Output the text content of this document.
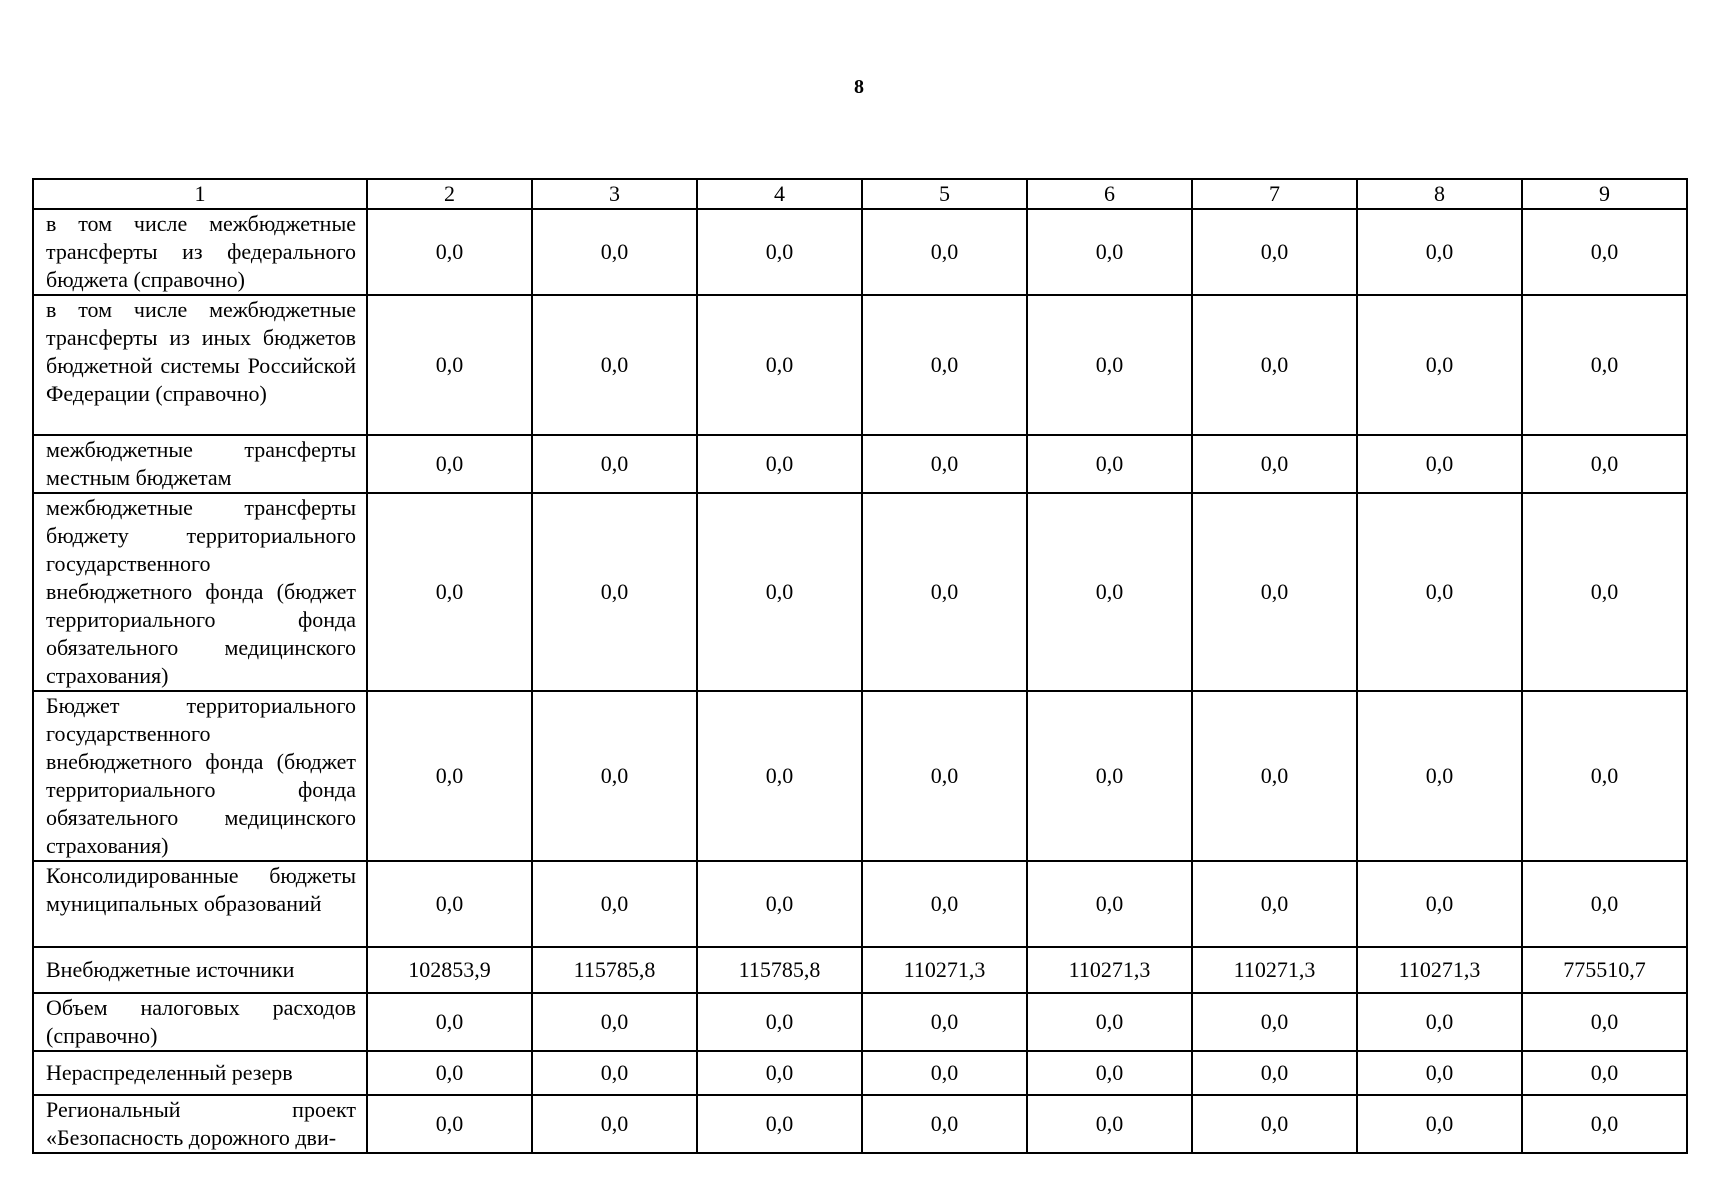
8
1	2	3	4	5	6	7	8	9
в том числе межбюджетные трансферты из федерального бюджета (справочно)	0,0	0,0	0,0	0,0	0,0	0,0	0,0	0,0
в том числе межбюджетные трансферты из иных бюджетов бюджетной системы Российской Федерации (справочно)	0,0	0,0	0,0	0,0	0,0	0,0	0,0	0,0
межбюджетные трансферты местным бюджетам	0,0	0,0	0,0	0,0	0,0	0,0	0,0	0,0
межбюджетные трансферты бюджету территориального государственного внебюджетного фонда (бюджет территориального фонда обязательного медицинского страхования)	0,0	0,0	0,0	0,0	0,0	0,0	0,0	0,0
Бюджет территориального государственного внебюджетного фонда (бюджет территориального фонда обязательного медицинского страхования)	0,0	0,0	0,0	0,0	0,0	0,0	0,0	0,0
Консолидированные бюджеты муниципальных образований	0,0	0,0	0,0	0,0	0,0	0,0	0,0	0,0
Внебюджетные источники	102853,9	115785,8	115785,8	110271,3	110271,3	110271,3	110271,3	775510,7
Объем налоговых расходов (справочно)	0,0	0,0	0,0	0,0	0,0	0,0	0,0	0,0
Нераспределенный резерв	0,0	0,0	0,0	0,0	0,0	0,0	0,0	0,0
Региональный проект «Безопасность дорожного дви-	0,0	0,0	0,0	0,0	0,0	0,0	0,0	0,0
